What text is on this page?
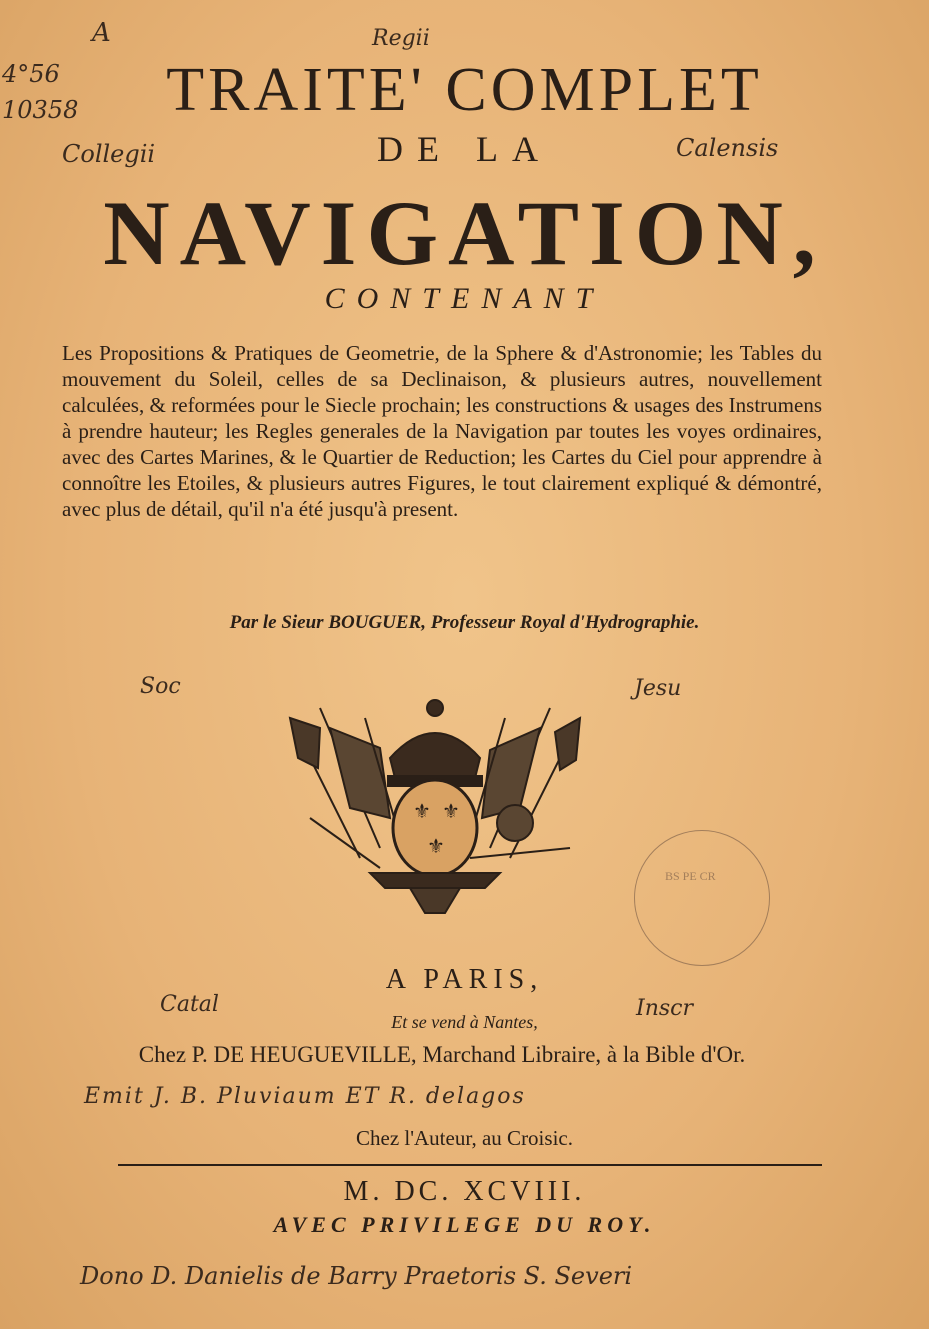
A
4°56
10358
Regii
Collegii	Calensis
TRAITE' COMPLET
DE LA
NAVIGATION,
CONTENANT
Les Propositions & Pratiques de Geometrie, de la Sphere & d'Astronomie; les Tables du mouvement du Soleil, celles de sa Declinaison, & plusieurs autres, nouvellement calculées, & reformées pour le Siecle prochain; les constructions & usages des Instrumens à prendre hauteur; les Regles generales de la Navigation par toutes les voyes ordinaires, avec des Cartes Marines, & le Quartier de Reduction; les Cartes du Ciel pour apprendre à connoître les Etoiles, & plusieurs autres Figures, le tout clairement expliqué & démontré, avec plus de détail, qu'il n'a été jusqu'à present.
Par le Sieur BOUGUER, Professeur Royal d'Hydrographie.
Soc	Jesu
⚜ ⚜
⚜
BS PE CR
A PARIS,
Et se vend à Nantes,
Catal	Inscr
Chez P. DE HEUGUEVILLE, Marchand Libraire, à la Bible d'Or.
Emit J. B. Pluviaum ET R. delagos
Chez l'Auteur, au Croisic.
M. DC. XCVIII.
AVEC PRIVILEGE DU ROY.
Dono D. Danielis de Barry Praetoris S. Severi
